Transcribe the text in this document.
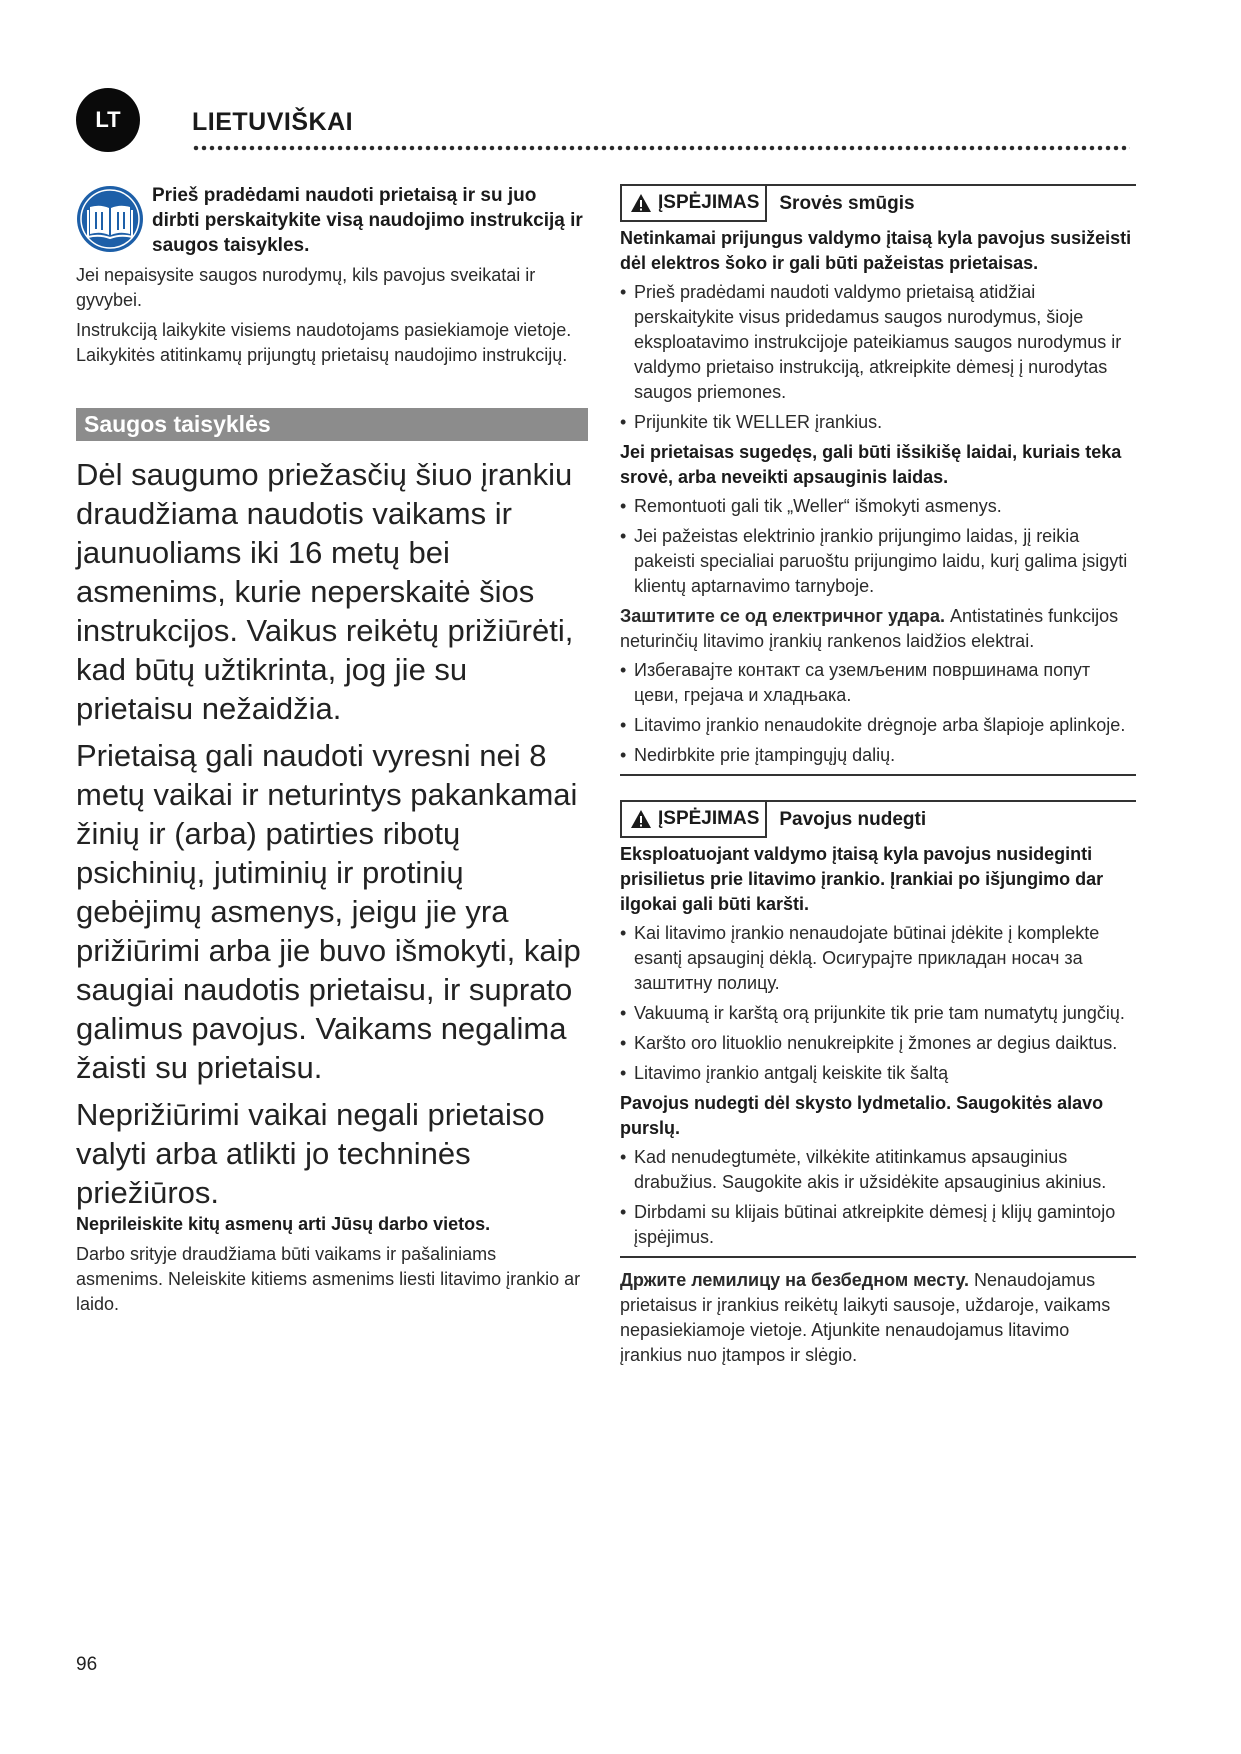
LT	LIETUVIŠKAI

Prieš pradėdami naudoti prietaisą ir su juo dirbti perskaitykite visą naudojimo instrukciją ir saugos taisykles.

Jei nepaisysite saugos nurodymų, kils pavojus sveikatai ir gyvybei.

Instrukciją laikykite visiems naudotojams pasiekiamoje vietoje. Laikykitės atitinkamų prijungtų prietaisų naudojimo instrukcijų.

Saugos taisyklės

Dėl saugumo priežasčių šiuo įrankiu draudžiama naudotis vaikams ir jaunuoliams iki 16 metų bei asmenims, kurie neperskaitė šios instrukcijos. Vaikus reikėtų prižiūrėti, kad būtų užtikrinta, jog jie su prietaisu nežaidžia.

Prietaisą gali naudoti vyresni nei 8 metų vaikai ir neturintys pakankamai žinių ir (arba) patirties ribotų psichinių, jutiminių ir protinių gebėjimų asmenys, jeigu jie yra prižiūrimi arba jie buvo išmokyti, kaip saugiai naudotis prietaisu, ir suprato galimus pavojus. Vaikams negalima žaisti su prietaisu.

Neprižiūrimi vaikai negali prietaiso valyti arba atlikti jo techninės priežiūros.

Neprileiskite kitų asmenų arti Jūsų darbo vietos.

Darbo srityje draudžiama būti vaikams ir pašaliniams asmenims. Neleiskite kitiems asmenims liesti litavimo įrankio ar laido.

ĮSPĖJIMAS	Srovės smūgis

Netinkamai prijungus valdymo įtaisą kyla pavojus susižeisti dėl elektros šoko ir gali būti pažeistas prietaisas.

• Prieš pradėdami naudoti valdymo prietaisą atidžiai perskaitykite visus pridedamus saugos nurodymus, šioje eksploatavimo instrukcijoje pateikiamus saugos nurodymus ir valdymo prietaiso instrukciją, atkreipkite dėmesį į nurodytas saugos priemones.
• Prijunkite tik WELLER įrankius.

Jei prietaisas sugedęs, gali būti išsikišę laidai, kuriais teka srovė, arba neveikti apsauginis laidas.

• Remontuoti gali tik „Weller“ išmokyti asmenys.
• Jei pažeistas elektrinio įrankio prijungimo laidas, jį reikia pakeisti specialiai paruoštu prijungimo laidu, kurį galima įsigyti klientų aptarnavimo tarnyboje.

Заштитите се од електричног удара. Antistatinės funkcijos neturinčių litavimo įrankių rankenos laidžios elektrai.

• Избегавајте контакт са уземљеним површинама попут цеви, грејача и хладњака.
• Litavimo įrankio nenaudokite drėgnoje arba šlapioje aplinkoje.
• Nedirbkite prie įtampingųjų dalių.
ĮSPĖJIMAS	Pavojus nudegti

Eksploatuojant valdymo įtaisą kyla pavojus nusideginti prisilietus prie litavimo įrankio. Įrankiai po išjungimo dar ilgokai gali būti karšti.

• Kai litavimo įrankio nenaudojate būtinai įdėkite į komplekte esantį apsauginį dėklą. Осигурајте прикладан носач за заштитну полицу.
• Vakuumą ir karštą orą prijunkite tik prie tam numatytų jungčių.
• Karšto oro lituoklio nenukreipkite į žmones ar degius daiktus.
• Litavimo įrankio antgalį keiskite tik šaltą

Pavojus nudegti dėl skysto lydmetalio. Saugokitės alavo purslų.

• Kad nenudegtumėte, vilkėkite atitinkamus apsauginius drabužius. Saugokite akis ir užsidėkite apsauginius akinius.
• Dirbdami su klijais būtinai atkreipkite dėmesį į klijų gamintojo įspėjimus.

Држите лемилицу на безбедном месту. Nenaudojamus prietaisus ir įrankius reikėtų laikyti sausoje, uždaroje, vaikams nepasiekiamoje vietoje. Atjunkite nenaudojamus litavimo įrankius nuo įtampos ir slėgio.

96
